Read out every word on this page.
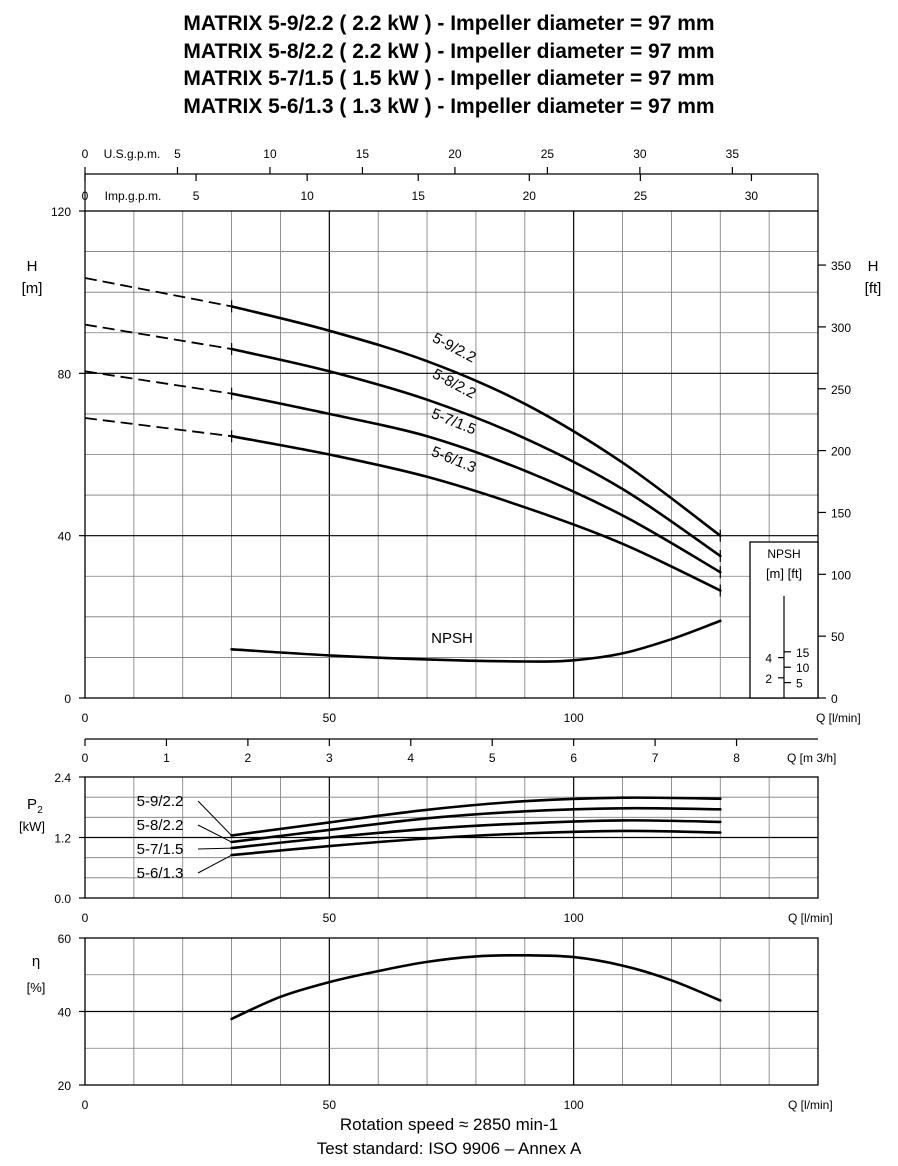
MATRIX 5-9/2.2 ( 2.2 kW ) - Impeller diameter = 97 mm
MATRIX 5-8/2.2 ( 2.2 kW ) - Impeller diameter = 97 mm
MATRIX 5-7/1.5 ( 1.5 kW ) - Impeller diameter = 97 mm
MATRIX 5-6/1.3 ( 1.3 kW ) - Impeller diameter = 97 mm
0	5	10	15	20	25	30	35
U.S.g.p.m.
0	5	10	15	20	25	30
Imp.g.p.m.
0
40
80
120
H
[m]
0
50
100
150
200
250
300
350 H
[ft]
0	50	100	Q [l/min]
5-9/2.2
5-8/2.2
5-7/1.5
5-6/1.3
NPSH
NPSH
[m] [ft]
2
4
5
10
15
0	1	2	3	4	5	6	7	8	Q [m 3/h]
0.0
1.2
2.4
P 2
[kW]
5-9/2.2
5-8/2.2
5-7/1.5
5-6/1.3
0	50	100	Q [l/min]
20
40
60
η
[%]
0	50	100	Q [l/min]
Rotation speed ≈ 2850 min-1
Test standard: ISO 9906 – Annex A
